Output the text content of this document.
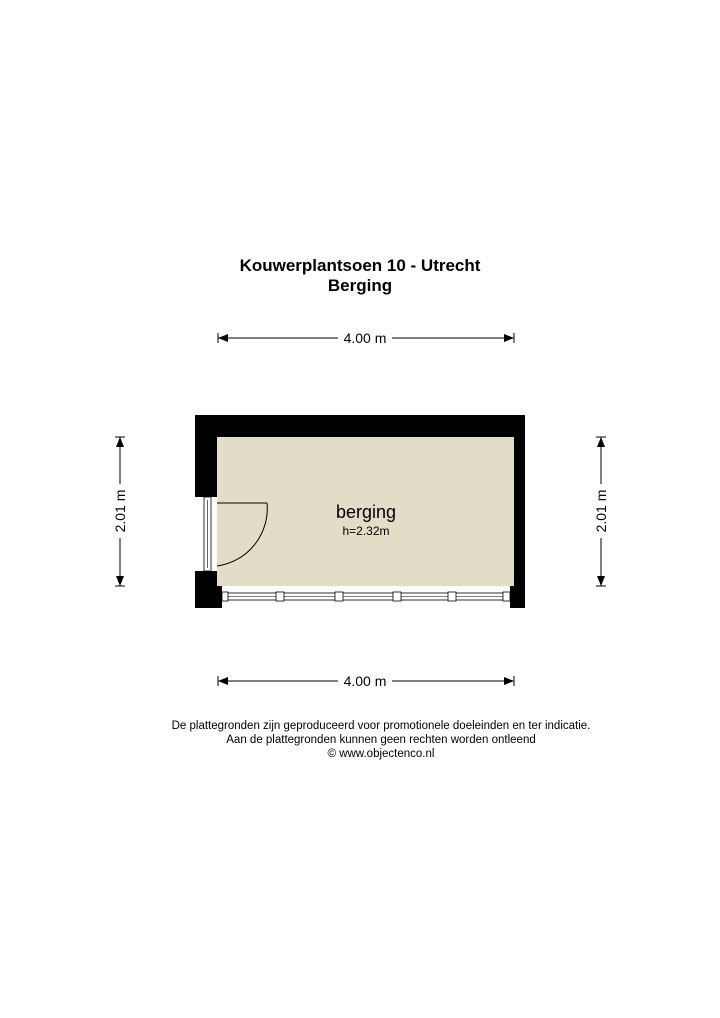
Kouwerplantsoen 10 - Utrecht
Berging
4.00 m
4.00 m
2.01 m	2.01 m
berging
h=2.32m
De plattegronden zijn geproduceerd voor promotionele doeleinden en ter indicatie.
Aan de plattegronden kunnen geen rechten worden ontleend
© www.objectenco.nl
